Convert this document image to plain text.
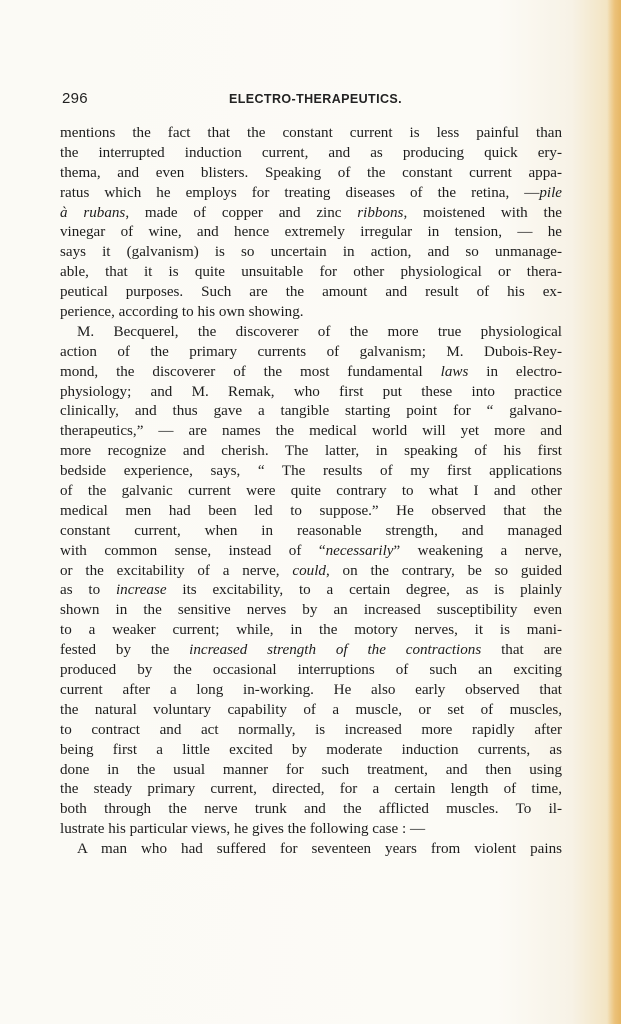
296	ELECTRO-THERAPEUTICS.
mentions the fact that the constant current is less painful than
the interrupted induction current, and as producing quick ery-
thema, and even blisters. Speaking of the constant current appa-
ratus which he employs for treating diseases of the retina, —pile
à rubans, made of copper and zinc ribbons, moistened with the
vinegar of wine, and hence extremely irregular in tension, — he
says it (galvanism) is so uncertain in action, and so unmanage-
able, that it is quite unsuitable for other physiological or thera-
peutical purposes. Such are the amount and result of his ex-
perience, according to his own showing.
M. Becquerel, the discoverer of the more true physiological
action of the primary currents of galvanism; M. Dubois-Rey-
mond, the discoverer of the most fundamental laws in electro-
physiology; and M. Remak, who first put these into practice
clinically, and thus gave a tangible starting point for “ galvano-
therapeutics,” — are names the medical world will yet more and
more recognize and cherish. The latter, in speaking of his first
bedside experience, says, “ The results of my first applications
of the galvanic current were quite contrary to what I and other
medical men had been led to suppose.” He observed that the
constant current, when in reasonable strength, and managed
with common sense, instead of “necessarily” weakening a nerve,
or the excitability of a nerve, could, on the contrary, be so guided
as to increase its excitability, to a certain degree, as is plainly
shown in the sensitive nerves by an increased susceptibility even
to a weaker current; while, in the motory nerves, it is mani-
fested by the increased strength of the contractions that are
produced by the occasional interruptions of such an exciting
current after a long in-working. He also early observed that
the natural voluntary capability of a muscle, or set of muscles,
to contract and act normally, is increased more rapidly after
being first a little excited by moderate induction currents, as
done in the usual manner for such treatment, and then using
the steady primary current, directed, for a certain length of time,
both through the nerve trunk and the afflicted muscles. To il-
lustrate his particular views, he gives the following case : —
A man who had suffered for seventeen years from violent pains
